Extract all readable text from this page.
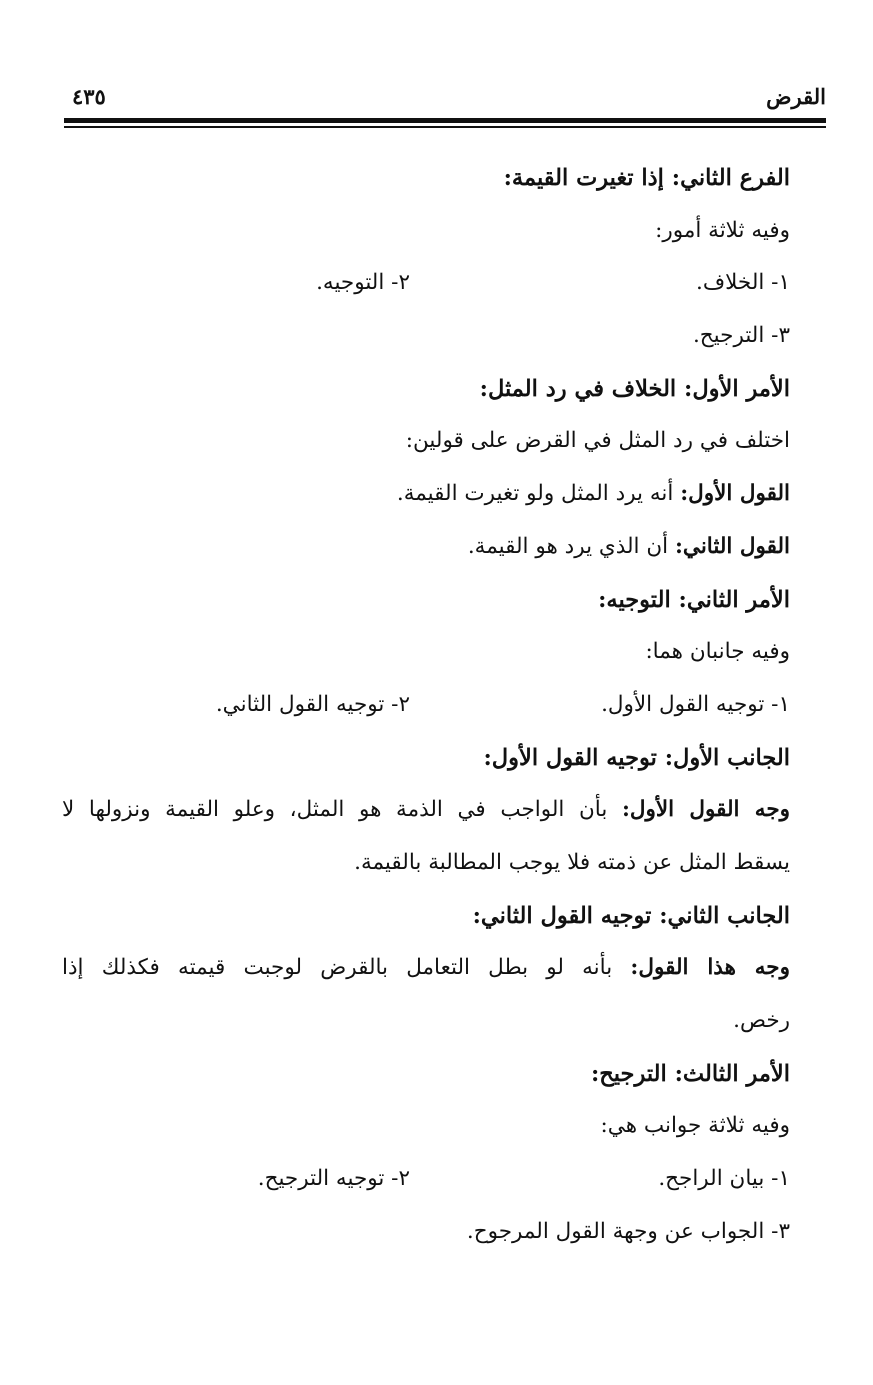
القرض
٤٣٥
الفرع الثاني: إذا تغيرت القيمة:
وفيه ثلاثة أمور:
١- الخلاف.
٢- التوجيه.
٣- الترجيح.
الأمر الأول: الخلاف في رد المثل:
اختلف في رد المثل في القرض على قولين:
القول الأول: أنه يرد المثل ولو تغيرت القيمة.
القول الثاني: أن الذي يرد هو القيمة.
الأمر الثاني: التوجيه:
وفيه جانبان هما:
١- توجيه القول الأول.
٢- توجيه القول الثاني.
الجانب الأول: توجيه القول الأول:
وجه القول الأول: بأن الواجب في الذمة هو المثل، وعلو القيمة ونزولها لا
يسقط المثل عن ذمته فلا يوجب المطالبة بالقيمة.
الجانب الثاني: توجيه القول الثاني:
وجه هذا القول: بأنه لو بطل التعامل بالقرض لوجبت قيمته فكذلك إذا
رخص.
الأمر الثالث: الترجيح:
وفيه ثلاثة جوانب هي:
١- بيان الراجح.
٢- توجيه الترجيح.
٣- الجواب عن وجهة القول المرجوح.
